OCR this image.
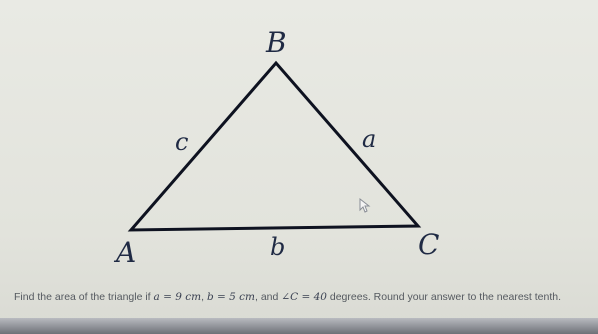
B
A	C
c	a
b
Find the area of the triangle if a = 9 cm, b = 5 cm, and ∠C = 40 degrees. Round your answer to the nearest tenth.
